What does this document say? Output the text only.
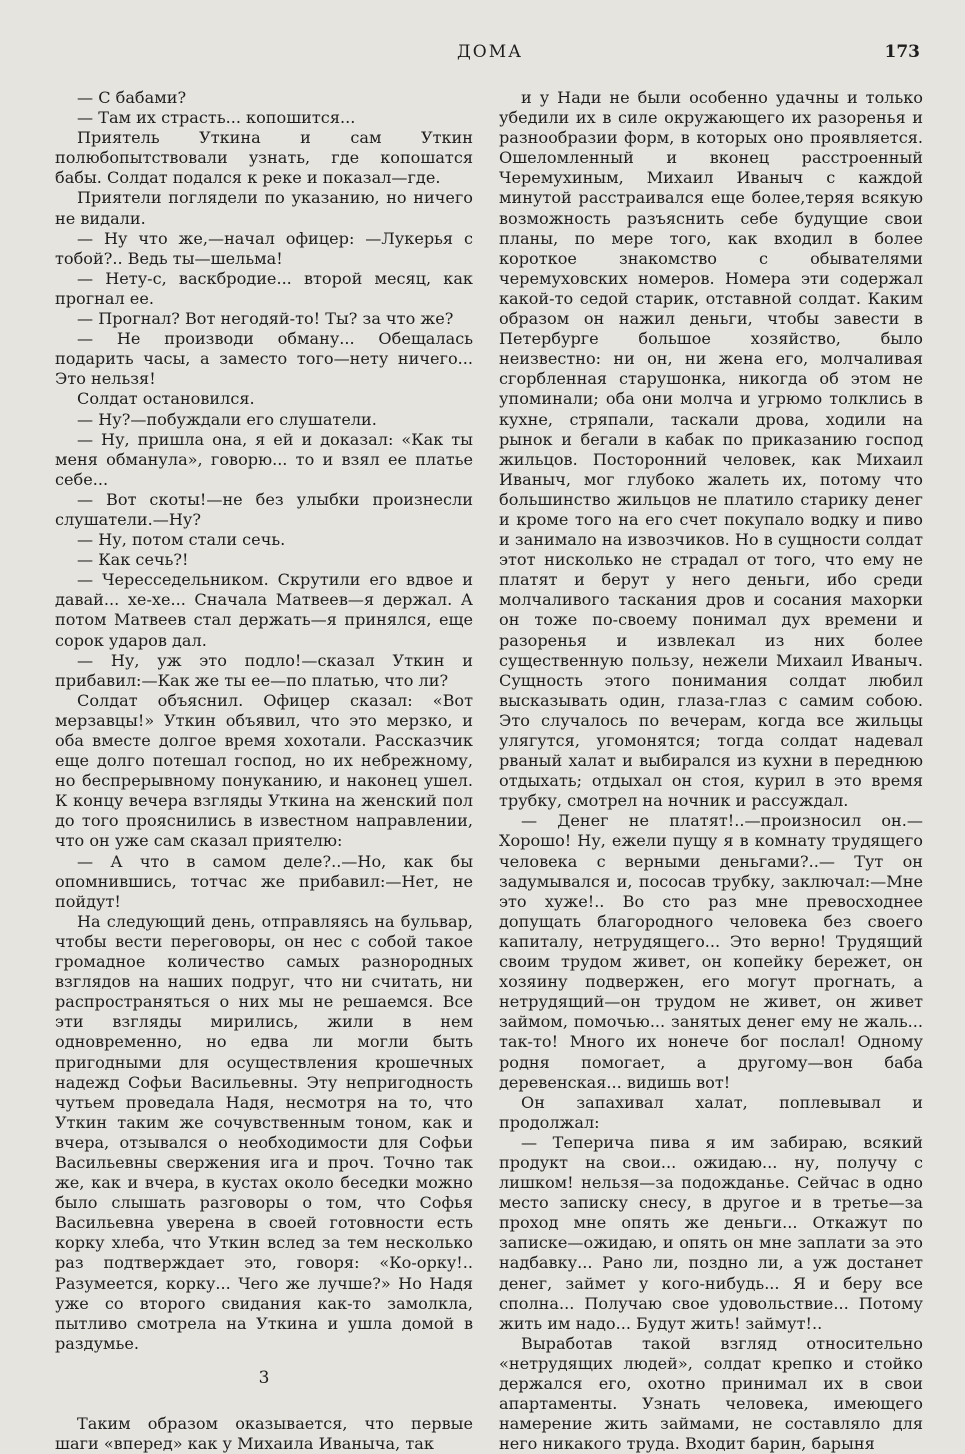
ДОМА	173

— С бабами?

— Там их страсть... копошится...

Приятель Уткина и сам Уткин полюбопытствовали узнать, где копошатся бабы. Солдат подался к реке и показал—где.

Приятели поглядели по указанию, но ничего не видали.

— Ну что же,—начал офицер: —Лукерья с тобой?.. Ведь ты—шельма!

— Нету-с, васкбродие... второй месяц, как прогнал ее.

— Прогнал? Вот негодяй-то! Ты? за что же?

— Не производи обману... Обещалась подарить часы, а заместо того—нету ничего... Это нельзя!

Солдат остановился.

— Ну?—побуждали его слушатели.

— Ну, пришла она, я ей и доказал: «Как ты меня обманула», говорю... то и взял ее платье себе...

— Вот скоты!—не без улыбки произнесли слушатели.—Ну?

— Ну, потом стали сечь.

— Как сечь?!

— Чересседельником. Скрутили его вдвое и давай... хе-хе... Сначала Матвеев—я держал. А потом Матвеев стал держать—я принялся, еще сорок ударов дал.

— Ну, уж это подло!—сказал Уткин и прибавил:—Как же ты ее—по платью, что ли?

Солдат объяснил. Офицер сказал: «Вот мерзавцы!» Уткин объявил, что это мерзко, и оба вместе долгое время хохотали. Рассказчик еще долго потешал господ, но их небрежному, но беспрерывному понуканию, и наконец ушел. К концу вечера взгляды Уткина на женский пол до того прояснились в известном направлении, что он уже сам сказал приятелю:

— А что в самом деле?..—Но, как бы опомнившись, тотчас же прибавил:—Нет, не пойдут!

На следующий день, отправляясь на бульвар, чтобы вести переговоры, он нес с собой такое громадное количество самых разнородных взглядов на наших подруг, что ни считать, ни распространяться о них мы не решаемся. Все эти взгляды мирились, жили в нем одновременно, но едва ли могли быть пригодными для осуществления крошечных надежд Софьи Васильевны. Эту непригодность чутьем проведала Надя, несмотря на то, что Уткин таким же сочувственным тоном, как и вчера, отзывался о необходимости для Софьи Васильевны свержения ига и проч. Точно так же, как и вчера, в кустах около беседки можно было слышать разговоры о том, что Софья Васильевна уверена в своей готовности есть корку хлеба, что Уткин вслед за тем несколько раз подтверждает это, говоря: «Ко-орку!.. Разумеется, корку... Чего же лучше?» Но Надя уже со второго свидания как-то замолкла, пытливо смотрела на Уткина и ушла домой в раздумье.

3

Таким образом оказывается, что первые шаги «вперед» как у Михаила Иваныча, так

и у Нади не были особенно удачны и только убедили их в силе окружающего их разоренья и разнообразии форм, в которых оно проявляется. Ошеломленный и вконец расстроенный Черемухиным, Михаил Иваныч с каждой минутой расстраивался еще более,теряя всякую возможность разъяснить себе будущие свои планы, по мере того, как входил в более короткое знакомство с обывателями черемуховских номеров. Номера эти содержал какой-то седой старик, отставной солдат. Каким образом он нажил деньги, чтобы завести в Петербурге большое хозяйство, было неизвестно: ни он, ни жена его, молчаливая сгорбленная старушонка, никогда об этом не упоминали; оба они молча и угрюмо толклись в кухне, стряпали, таскали дрова, ходили на рынок и бегали в кабак по приказанию господ жильцов. Посторонний человек, как Михаил Иваныч, мог глубоко жалеть их, потому что большинство жильцов не платило старику денег и кроме того на его счет покупало водку и пиво и занимало на извозчиков. Но в сущности солдат этот нисколько не страдал от того, что ему не платят и берут у него деньги, ибо среди молчаливого таскания дров и сосания махорки он тоже по-своему понимал дух времени и разоренья и извлекал из них более существенную пользу, нежели Михаил Иваныч. Сущность этого понимания солдат любил высказывать один, глаза-глаз с самим собою. Это случалось по вечерам, когда все жильцы улягутся, угомонятся; тогда солдат надевал рваный халат и выбирался из кухни в переднюю отдыхать; отдыхал он стоя, курил в это время трубку, смотрел на ночник и рассуждал.

— Денег не платят!..—произносил он.— Хорошо! Ну, ежели пущу я в комнату трудящего человека с верными деньгами?..— Тут он задумывался и, пососав трубку, заключал:—Мне это хуже!.. Во сто раз мне превосходнее допущать благородного человека без своего капиталу, нетрудящего... Это верно! Трудящий своим трудом живет, он копейку бережет, он хозяину подвержен, его могут прогнать, а нетрудящий—он трудом не живет, он живет займом, помочью... занятых денег ему не жаль... так-то! Много их нонече бог послал! Одному родня помогает, а другому—вон баба деревенская... видишь вот!

Он запахивал халат, поплевывал и продолжал:

— Теперича пива я им забираю, всякий продукт на свои... ожидаю... ну, получу с лишком! нельзя—за подожданье. Сейчас в одно место записку снесу, в другое и в третье—за проход мне опять же деньги... Откажут по записке—ожидаю, и опять он мне заплати за это надбавку... Рано ли, поздно ли, а уж достанет денег, займет у кого-нибудь... Я и беру все сполна... Получаю свое удовольствие... Потому жить им надо... Будут жить! займут!..

Выработав такой взгляд относительно «нетрудящих людей», солдат крепко и стойко держался его, охотно принимал их в свои апартаменты. Узнать человека, имеющего намерение жить займами, не составляло для него никакого труда. Входит барин, барыня
